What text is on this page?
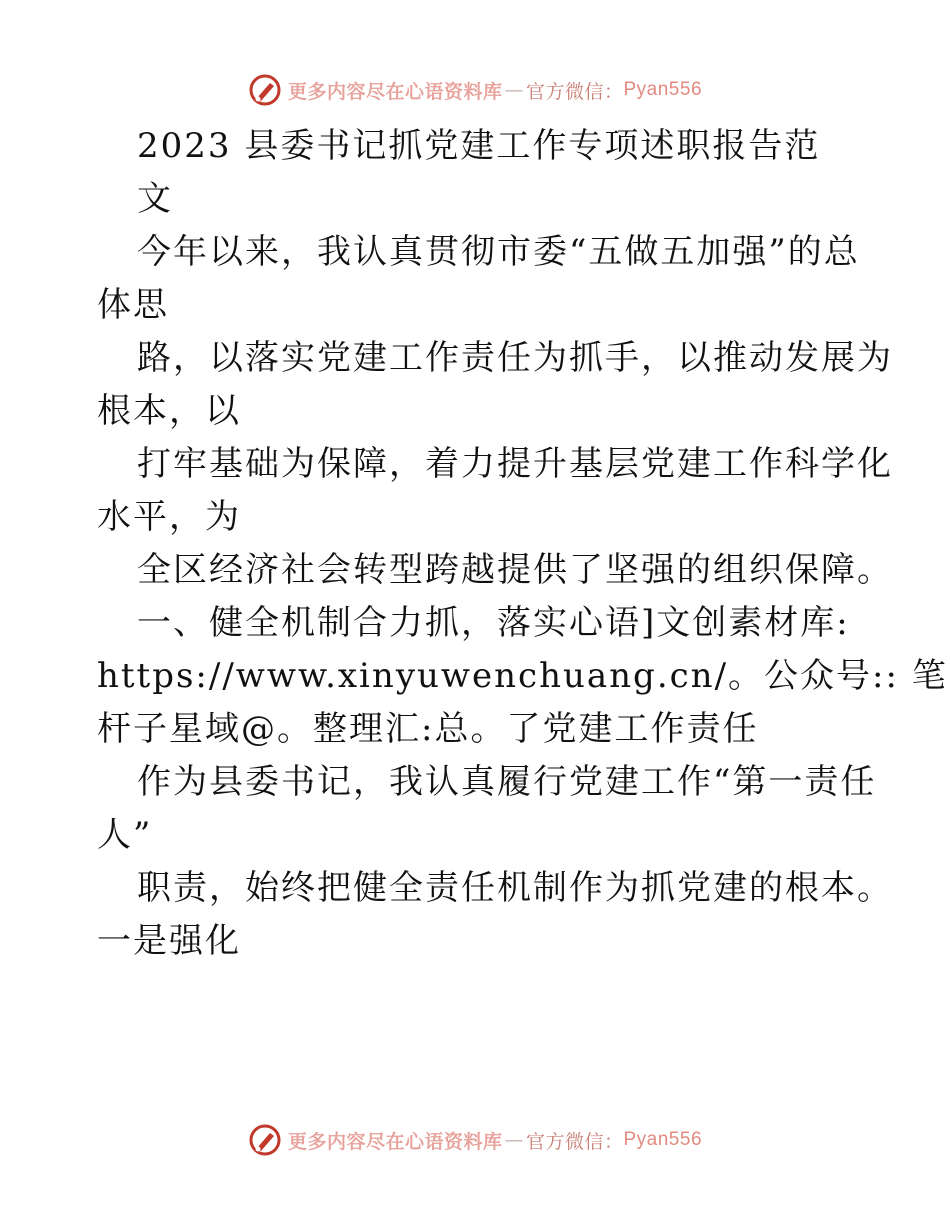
更多内容尽在心语资料库 — 官方微信： Pyan556
2023 县委书记抓党建工作专项述职报告范
文
今年以来，我认真贯彻市委“五做五加强”的总
体思
路，以落实党建工作责任为抓手，以推动发展为
根本，以
打牢基础为保障，着力提升基层党建工作科学化
水平，为
全区经济社会转型跨越提供了坚强的组织保障。
一、健全机制合力抓，落实心语]文创素材库:
https://www.xinyuwenchuang.cn/。公众号:: 笔
杆子星域@。整理汇:总。了党建工作责任
作为县委书记，我认真履行党建工作“第一责任
人”
职责，始终把健全责任机制作为抓党建的根本。
一是强化
更多内容尽在心语资料库 — 官方微信： Pyan556
